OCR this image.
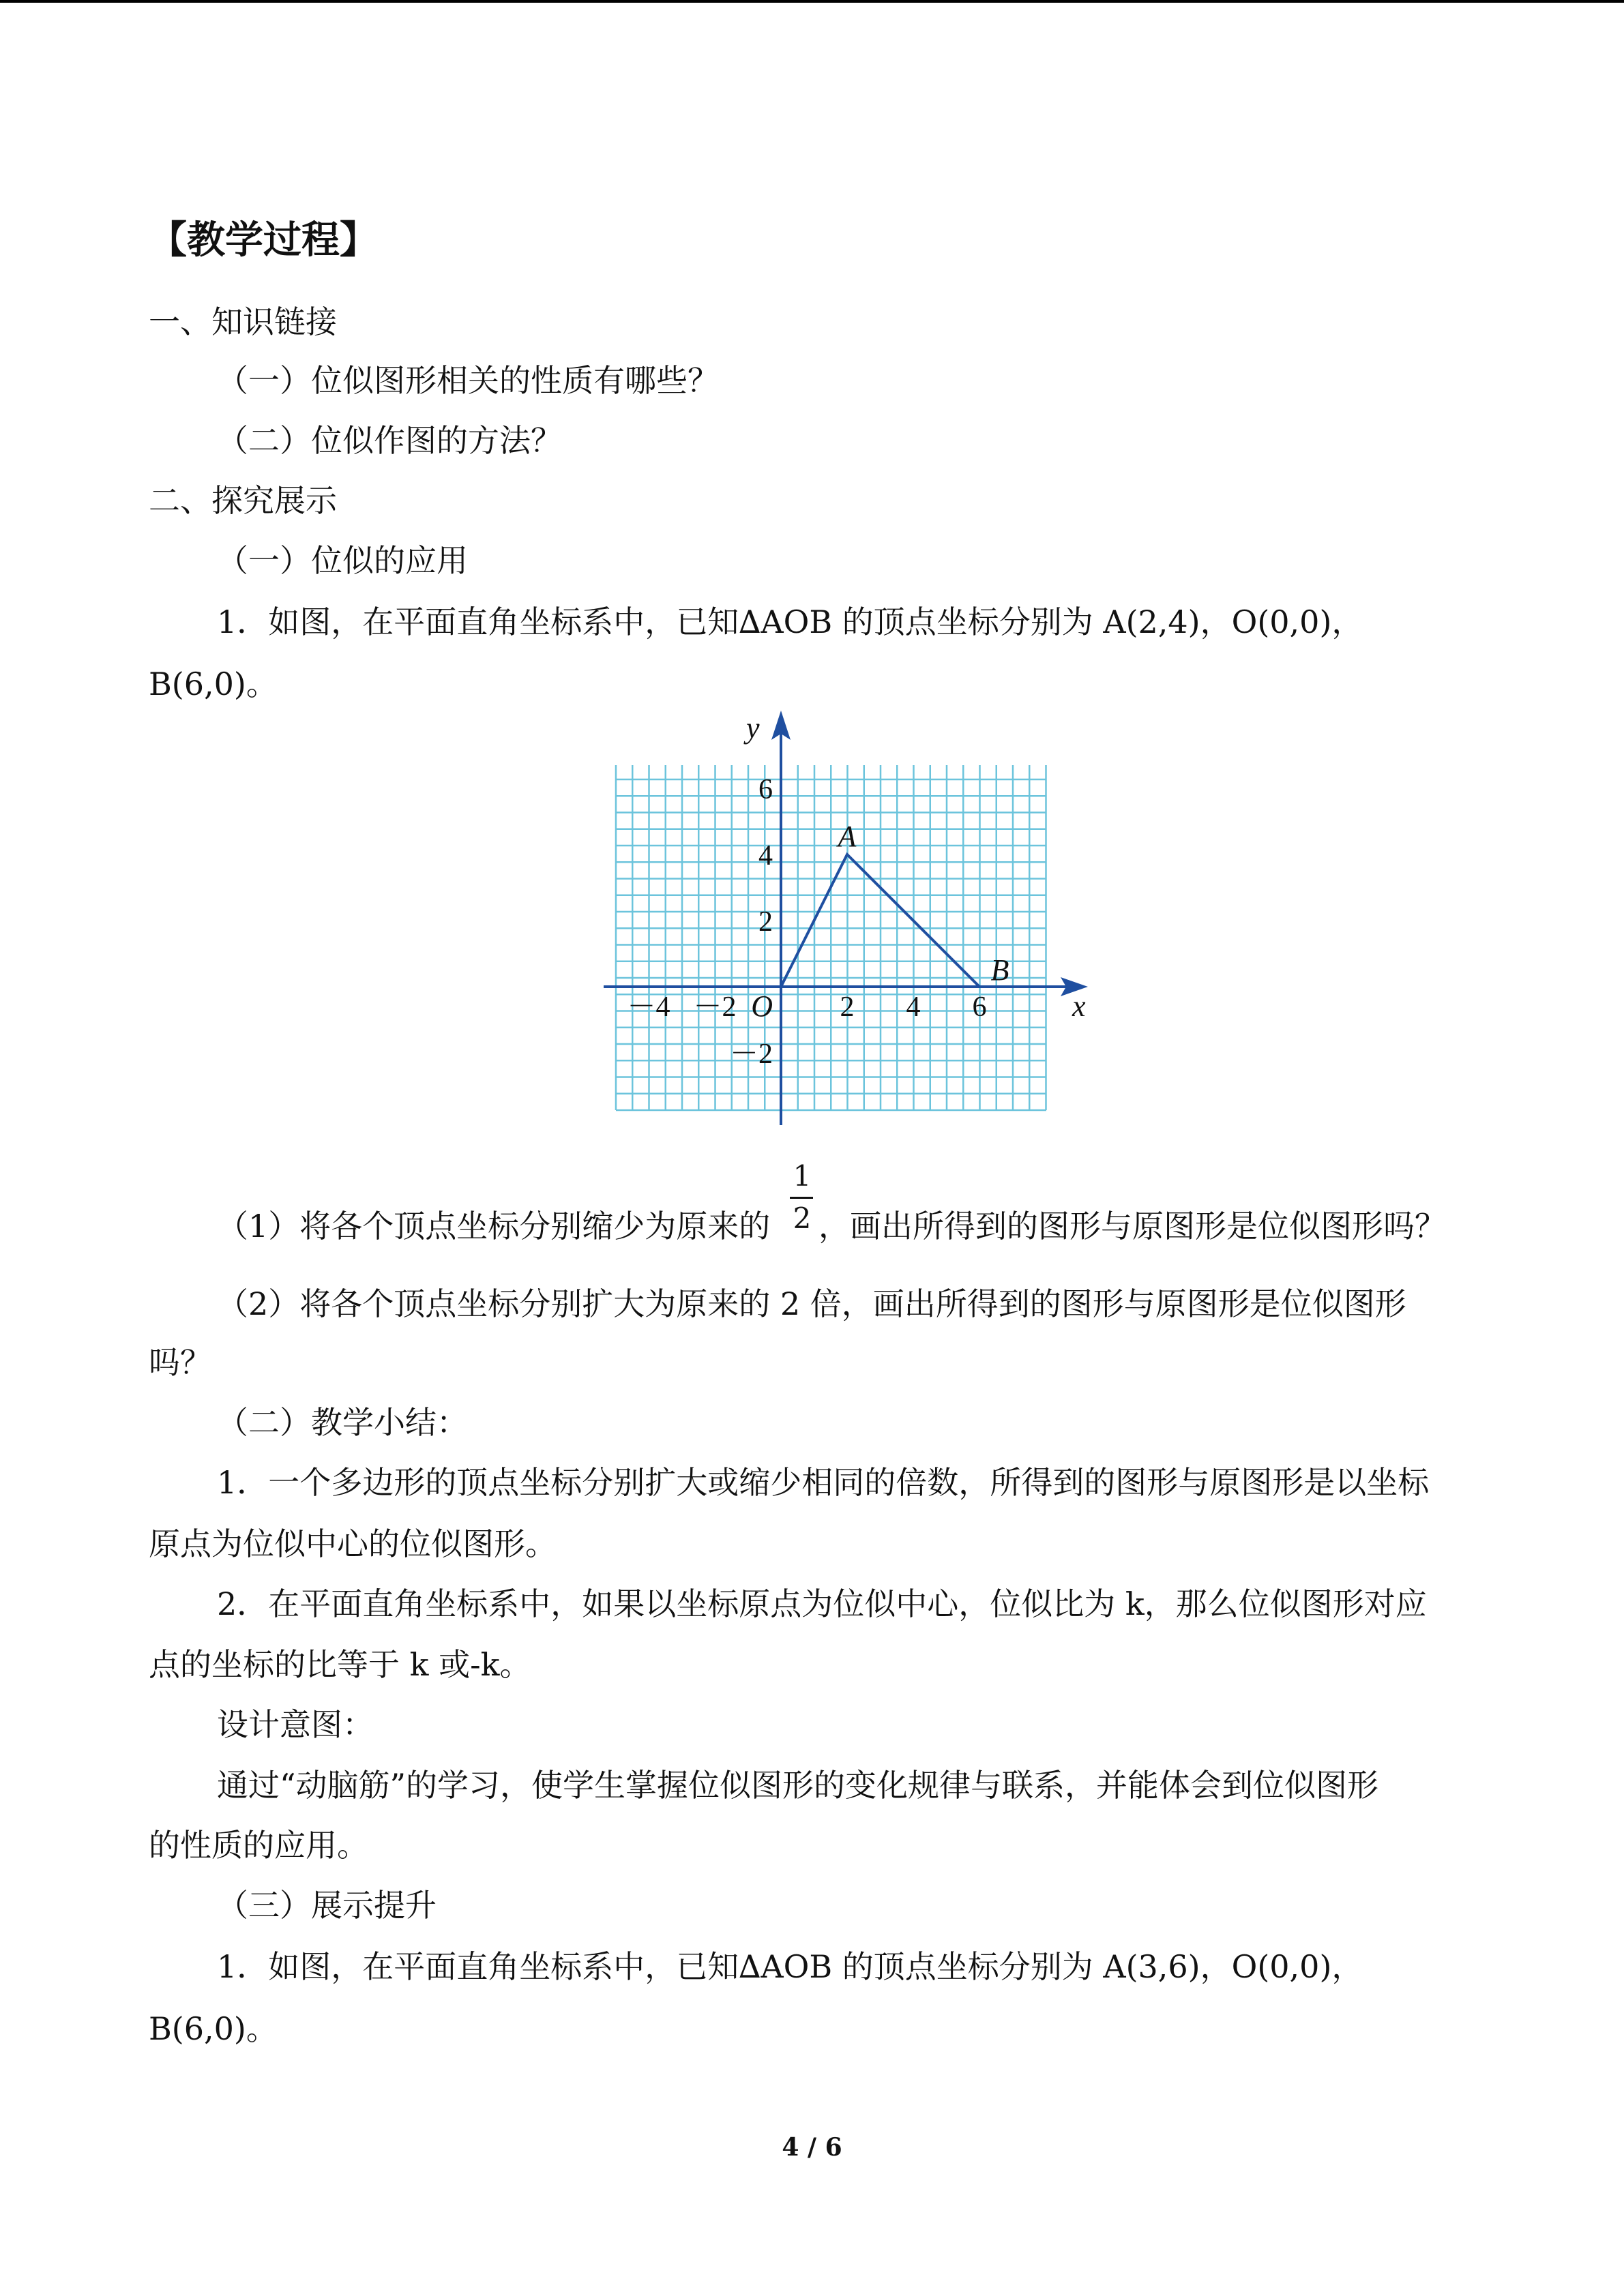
【教学过程】
一、知识链接
（一）位似图形相关的性质有哪些？
（二）位似作图的方法？
二、探究展示
（一）位似的应用
1．如图，在平面直角坐标系中，已知∆AOB 的顶点坐标分别为 A(2,4)，O(0,0)，
B(6,0)。
x
y
－4 －2	2 4 6
6
4
2
－2
O
A
B
（1）将各个顶点坐标分别缩少为原来的
1
2 ，画出所得到的图形与原图形是位似图形吗？
（2）将各个顶点坐标分别扩大为原来的 2 倍，画出所得到的图形与原图形是位似图形
吗？
（二）教学小结：
1．一个多边形的顶点坐标分别扩大或缩少相同的倍数，所得到的图形与原图形是以坐标
原点为位似中心的位似图形。
2．在平面直角坐标系中，如果以坐标原点为位似中心，位似比为 k，那么位似图形对应
点的坐标的比等于 k 或-k。
设计意图：
通过“动脑筋”的学习，使学生掌握位似图形的变化规律与联系，并能体会到位似图形
的性质的应用。
（三）展示提升
1．如图，在平面直角坐标系中，已知∆AOB 的顶点坐标分别为 A(3,6)，O(0,0)，
B(6,0)。
4 / 6
